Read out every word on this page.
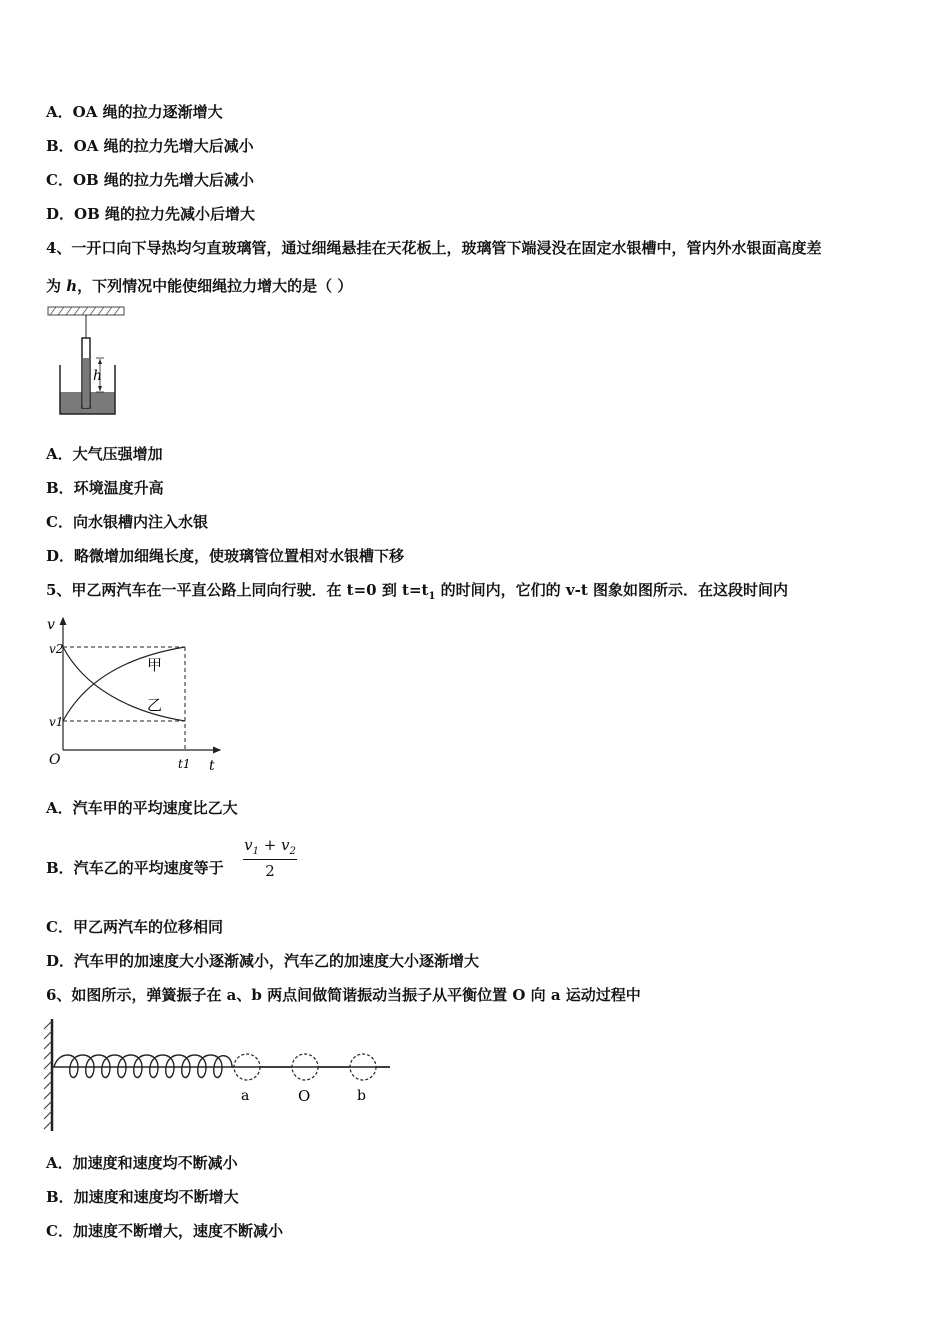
A．OA 绳的拉力逐渐增大
B．OA 绳的拉力先增大后减小
C．OB 绳的拉力先增大后减小
D．OB 绳的拉力先减小后增大
4、一开口向下导热均匀直玻璃管，通过细绳悬挂在天花板上，玻璃管下端浸没在固定水银槽中，管内外水银面高度差
为 h，下列情况中能使细绳拉力增大的是（ ）
h
A．大气压强增加
B．环境温度升高
C．向水银槽内注入水银
D．略微增加细绳长度，使玻璃管位置相对水银槽下移
5、甲乙两汽车在一平直公路上同向行驶．在 t=0 到 $t=t_1$ 的时间内，它们的 v-t 图象如图所示．在这段时间内
v
v2
v1
O	t1 t
甲
乙
A．汽车甲的平均速度比乙大
B．汽车乙的平均速度等于 $\frac{v_1 + v_2}{2}$
C．甲乙两汽车的位移相同
D．汽车甲的加速度大小逐渐减小，汽车乙的加速度大小逐渐增大
6、如图所示，弹簧振子在 a、b 两点间做简谐振动当振子从平衡位置 O 向 a 运动过程中
a	O	b
A．加速度和速度均不断减小
B．加速度和速度均不断增大
C．加速度不断增大，速度不断减小
